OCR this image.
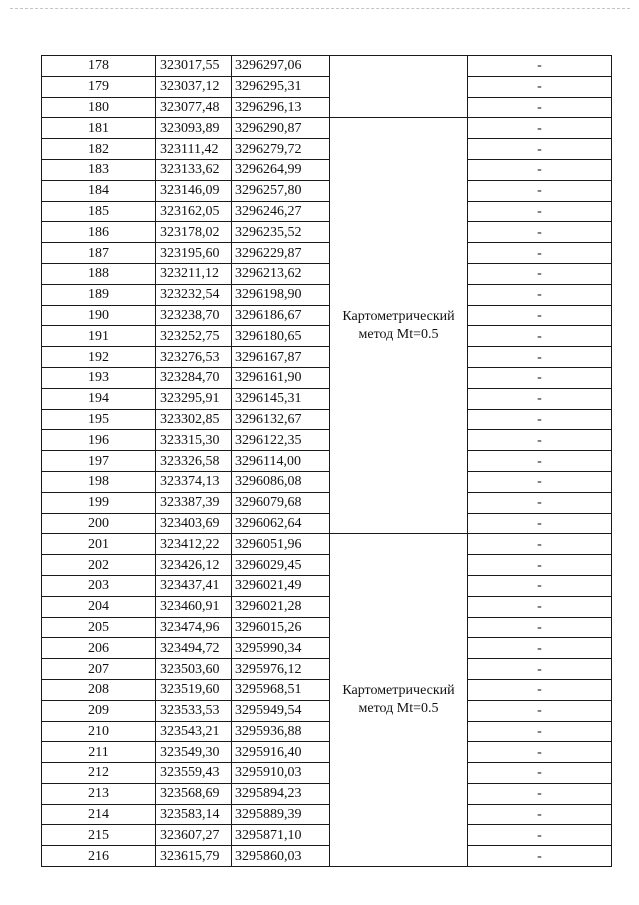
178	323017,55	3296297,06		-
179	323037,12	3296295,31		-
180	323077,48	3296296,13		-
181	323093,89	3296290,87	Картометрический метод Mt=0.5	-
182	323111,42	3296279,72		-
183	323133,62	3296264,99		-
184	323146,09	3296257,80		-
185	323162,05	3296246,27		-
186	323178,02	3296235,52		-
187	323195,60	3296229,87		-
188	323211,12	3296213,62		-
189	323232,54	3296198,90		-
190	323238,70	3296186,67		-
191	323252,75	3296180,65		-
192	323276,53	3296167,87		-
193	323284,70	3296161,90		-
194	323295,91	3296145,31		-
195	323302,85	3296132,67		-
196	323315,30	3296122,35		-
197	323326,58	3296114,00		-
198	323374,13	3296086,08		-
199	323387,39	3296079,68		-
200	323403,69	3296062,64		-
201	323412,22	3296051,96	Картометрический метод Mt=0.5	-
202	323426,12	3296029,45		-
203	323437,41	3296021,49		-
204	323460,91	3296021,28		-
205	323474,96	3296015,26		-
206	323494,72	3295990,34		-
207	323503,60	3295976,12		-
208	323519,60	3295968,51		-
209	323533,53	3295949,54		-
210	323543,21	3295936,88		-
211	323549,30	3295916,40		-
212	323559,43	3295910,03		-
213	323568,69	3295894,23		-
214	323583,14	3295889,39		-
215	323607,27	3295871,10		-
216	323615,79	3295860,03		-
